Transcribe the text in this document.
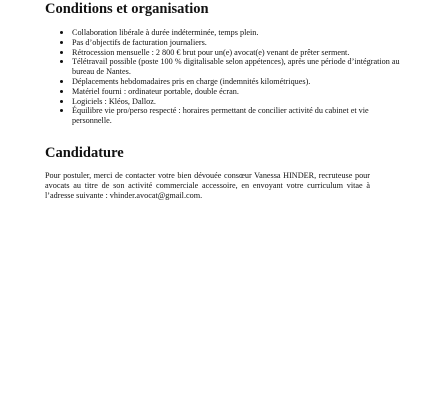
Conditions et organisation
Collaboration libérale à durée indéterminée, temps plein.
Pas d’objectifs de facturation journaliers.
Rétrocession mensuelle : 2 800 € brut pour un(e) avocat(e) venant de prêter serment.
Télétravail possible (poste 100 % digitalisable selon appétences), après une période d’intégration au bureau de Nantes.
Déplacements hebdomadaires pris en charge (indemnités kilométriques).
Matériel fourni : ordinateur portable, double écran.
Logiciels : Kléos, Dalloz.
Équilibre vie pro/perso respecté : horaires permettant de concilier activité du cabinet et vie personnelle.
Candidature

Pour postuler, merci de contacter votre bien dévouée consœur Vanessa HINDER, recruteuse pour avocats au titre de son activité commerciale accessoire, en envoyant votre curriculum vitae à l’adresse suivante : vhinder.avocat@gmail.com.
